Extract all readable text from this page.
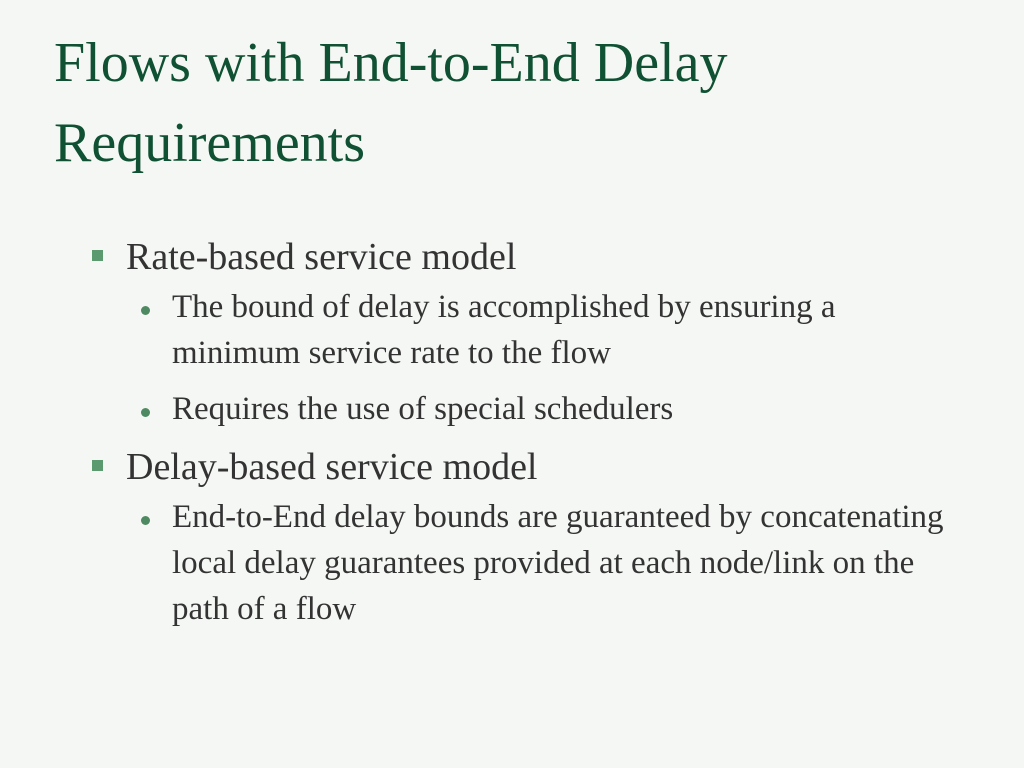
Flows with End-to-End Delay Requirements
Rate-based service model
The bound of delay is accomplished by ensuring a minimum service rate to the flow
Requires the use of special schedulers
Delay-based service model
End-to-End delay bounds are guaranteed by concatenating local delay guarantees provided at each node/link on the path of a flow
